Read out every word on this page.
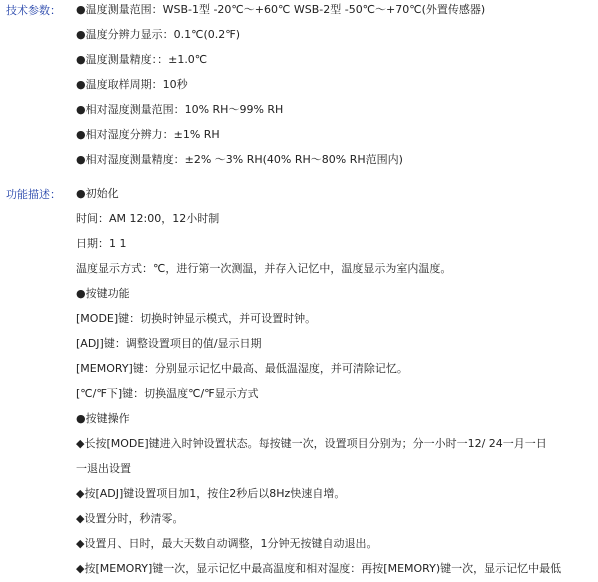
技术参数： ●温度测量范围：WSB-1型 -20℃～+60℃ WSB-2型 -50℃～+70℃(外置传感器)
●温度分辨力显示：0.1℃(0.2℉)
●温度测量精度：：±1.0℃
●温度取样周期：10秒
●相对湿度测量范围：10% RH～99% RH
●相对湿度分辨力：±1% RH
●相对湿度测量精度：±2% ～3% RH(40% RH～80% RH范围内)
功能描述： ●初始化
时间：AM 12:00，12小时制
日期：1 1
温度显示方式：℃，进行第一次测温，并存入记忆中，温度显示为室内温度。
●按键功能
[MODE]键：切换时钟显示模式，并可设置时钟。
[ADJ]键：调整设置项目的值/显示日期
[MEMORY]键：分别显示记忆中最高、最低温湿度，并可清除记忆。
[℃/℉下]键：切换温度℃/℉显示方式
●按键操作
◆长按[MODE]键进入时钟设置状态。每按键一次，设置项目分别为；分一小时一12/ 24一月一日
一退出设置
◆按[ADJ]键设置项目加1，按住2秒后以8Hz快速自增。
◆设置分时，秒清零。
◆设置月、日时，最大天数自动调整，1分钟无按键自动退出。
◆按[MEMORY]键一次，显示记忆中最高温度和相对湿度：再按[MEMORY)键一次，显示记忆中最低
